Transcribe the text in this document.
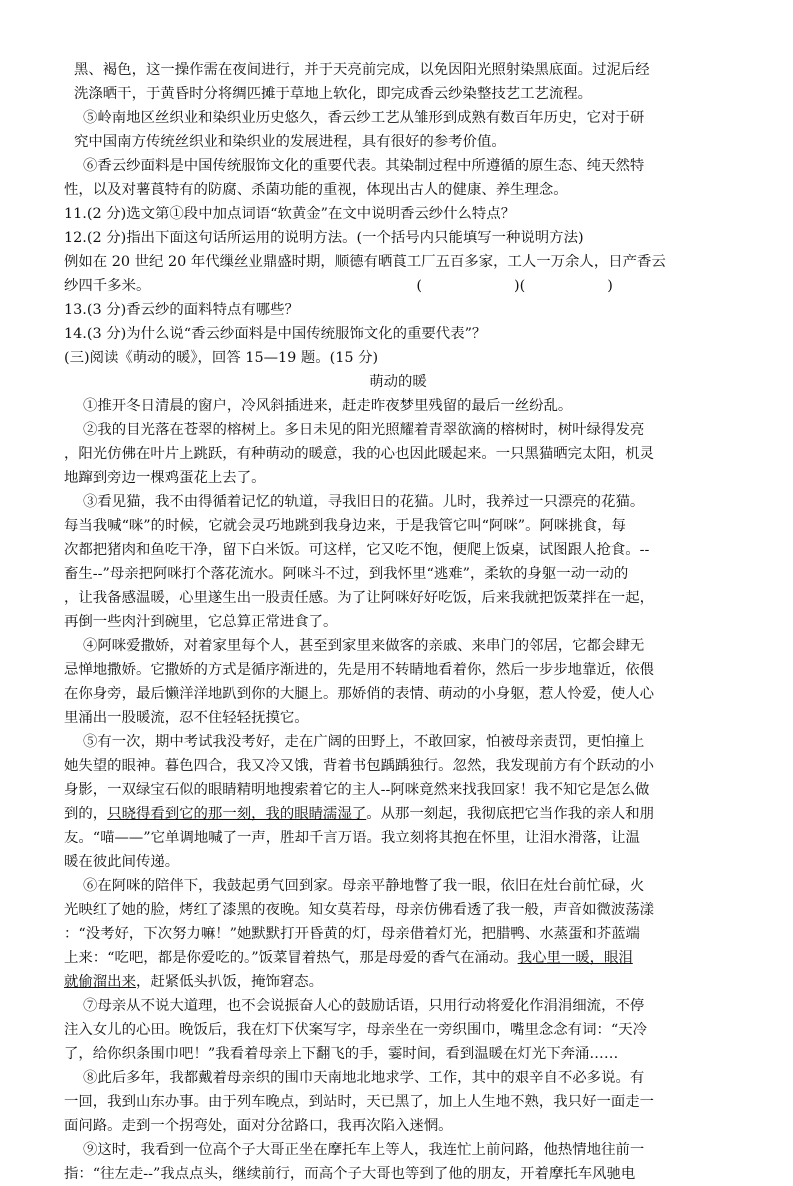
黑、褐色，这一操作需在夜间进行，并于天亮前完成，以免因阳光照射染黑底面。过泥后经
洗涤晒干，于黄昏时分将绸匹摊于草地上软化，即完成香云纱染整技艺工艺流程。
⑤岭南地区丝织业和染织业历史悠久，香云纱工艺从雏形到成熟有数百年历史，它对于研
究中国南方传统丝织业和染织业的发展进程，具有很好的参考价值。
⑥香云纱面料是中国传统服饰文化的重要代表。其染制过程中所遵循的原生态、纯天然特
性，以及对薯莨特有的防腐、杀菌功能的重视，体现出古人的健康、养生理念。
11.(2 分)选文第①段中加点词语“软黄金”在文中说明香云纱什么特点？
12.(2 分)指出下面这句话所运用的说明方法。(一个括号内只能填写一种说明方法)
例如在 20 世纪 20 年代缫丝业鼎盛时期，顺德有晒莨工厂五百多家，工人一万余人，日产香云
纱四千多米。	(	)(	)
13.(3 分)香云纱的面料特点有哪些？
14.(3 分)为什么说“香云纱面料是中国传统服饰文化的重要代表”？
(三)阅读《萌动的暖》，回答 15—19 题。(15 分)
萌动的暖
①推开冬日清晨的窗户，冷风斜插进来，赶走昨夜梦里残留的最后一丝纷乱。
②我的目光落在苍翠的榕树上。多日未见的阳光照耀着青翠欲滴的榕树时，树叶绿得发亮
，阳光仿佛在叶片上跳跃，有种萌动的暖意，我的心也因此暖起来。一只黑猫晒完太阳，机灵
地蹿到旁边一棵鸡蛋花上去了。
③看见猫，我不由得循着记忆的轨道，寻我旧日的花猫。儿时，我养过一只漂亮的花猫。
每当我喊“咪”的时候，它就会灵巧地跳到我身边来，于是我管它叫“阿咪”。阿咪挑食，每
次都把猪肉和鱼吃干净，留下白米饭。可这样，它又吃不饱，便爬上饭桌，试图跟人抢食。--
畜生--”母亲把阿咪打个落花流水。阿咪斗不过，到我怀里“逃难”，柔软的身躯一动一动的
，让我备感温暖，心里遂生出一股责任感。为了让阿咪好好吃饭，后来我就把饭菜拌在一起，
再倒一些肉汁到碗里，它总算正常进食了。
④阿咪爱撒娇，对着家里每个人，甚至到家里来做客的亲戚、来串门的邻居，它都会肆无
忌惮地撒娇。它撒娇的方式是循序渐进的，先是用不转睛地看着你，然后一步步地靠近，依偎
在你身旁，最后懒洋洋地趴到你的大腿上。那娇俏的表情、萌动的小身躯，惹人怜爱，使人心
里涌出一股暖流，忍不住轻轻抚摸它。
⑤有一次，期中考试我没考好，走在广阔的田野上，不敢回家，怕被母亲责罚，更怕撞上
她失望的眼神。暮色四合，我又冷又饿，背着书包踽踽独行。忽然，我发现前方有个跃动的小
身影，一双绿宝石似的眼睛精明地搜索着它的主人--阿咪竟然来找我回家！我不知它是怎么做
到的，只晓得看到它的那一刻，我的眼睛濡湿了。从那一刻起，我彻底把它当作我的亲人和朋
友。“喵——”它单调地喊了一声，胜却千言万语。我立刻将其抱在怀里，让泪水滑落，让温
暖在彼此间传递。
⑥在阿咪的陪伴下，我鼓起勇气回到家。母亲平静地瞥了我一眼，依旧在灶台前忙碌，火
光映红了她的脸，烤红了漆黑的夜晚。知女莫若母，母亲仿佛看透了我一般，声音如微波荡漾
：“没考好，下次努力嘛！”她默默打开昏黄的灯，母亲借着灯光，把腊鸭、水蒸蛋和芥蓝端
上来：“吃吧，都是你爱吃的。”饭菜冒着热气，那是母爱的香气在涌动。我心里一暖，眼泪
就偷溜出来，赶紧低头扒饭，掩饰窘态。
⑦母亲从不说大道理，也不会说振奋人心的鼓励话语，只用行动将爱化作涓涓细流，不停
注入女儿的心田。晚饭后，我在灯下伏案写字，母亲坐在一旁织围巾，嘴里念念有词：“天冷
了，给你织条围巾吧！”我看着母亲上下翻飞的手，霎时间，看到温暖在灯光下奔涌……
⑧此后多年，我都戴着母亲织的围巾天南地北地求学、工作，其中的艰辛自不必多说。有
一回，我到山东办事。由于列车晚点，到站时，天已黑了，加上人生地不熟，我只好一面走一
面问路。走到一个拐弯处，面对分岔路口，我再次陷入迷惘。
⑨这时，我看到一位高个子大哥正坐在摩托车上等人，我连忙上前问路，他热情地往前一
指：“往左走--”我点点头，继续前行，而高个子大哥也等到了他的朋友，开着摩托车风驰电
